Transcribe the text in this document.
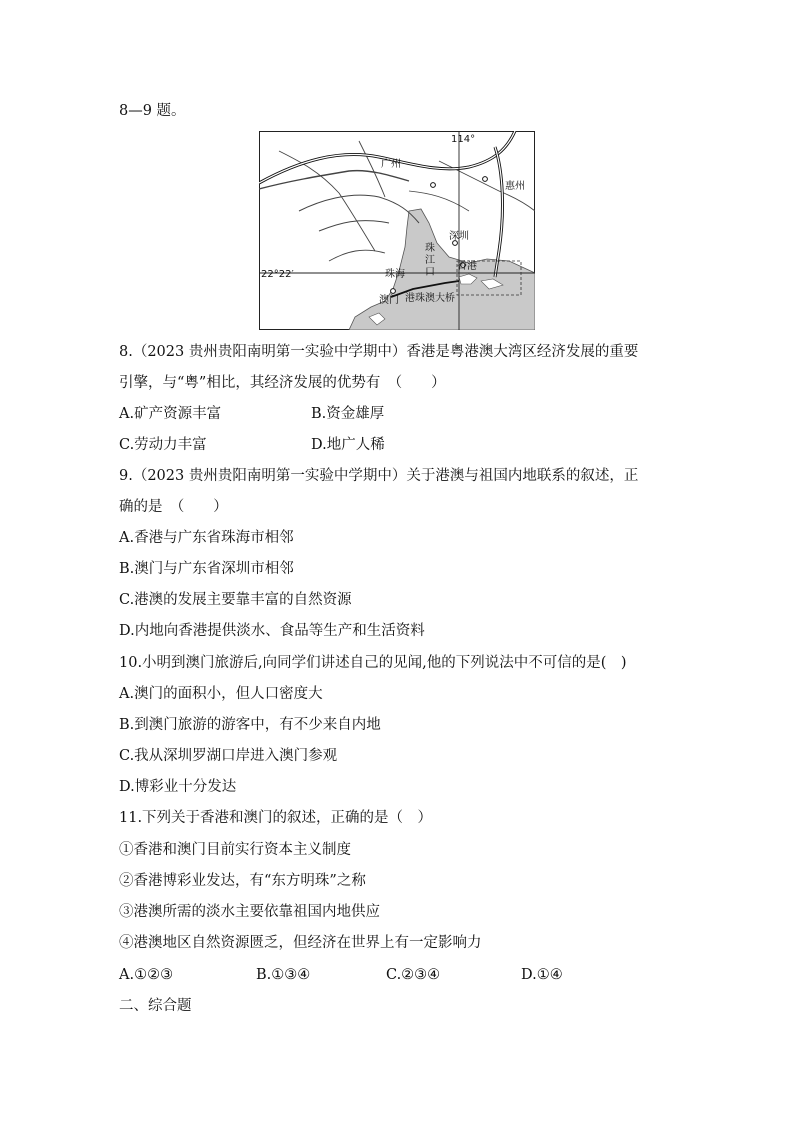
8—9 题。
114°
22°22′
广州
惠州
深圳
珠
江
口
香港
珠海
澳门 港珠澳大桥
8.（2023 贵州贵阳南明第一实验中学期中）香港是粤港澳大湾区经济发展的重要
引擎，与“粤”相比，其经济发展的优势有　（　　）
A.矿产资源丰富	B.资金雄厚
C.劳动力丰富	D.地广人稀
9.（2023 贵州贵阳南明第一实验中学期中）关于港澳与祖国内地联系的叙述，正
确的是　（　　）
A.香港与广东省珠海市相邻
B.澳门与广东省深圳市相邻
C.港澳的发展主要靠丰富的自然资源
D.内地向香港提供淡水、食品等生产和生活资料
10.小明到澳门旅游后,向同学们讲述自己的见闻,他的下列说法中不可信的是(　)
A.澳门的面积小，但人口密度大
B.到澳门旅游的游客中，有不少来自内地
C.我从深圳罗湖口岸进入澳门参观
D.博彩业十分发达
11.下列关于香港和澳门的叙述，正确的是（　）
①香港和澳门目前实行资本主义制度
②香港博彩业发达，有“东方明珠”之称
③港澳所需的淡水主要依靠祖国内地供应
④港澳地区自然资源匮乏，但经济在世界上有一定影响力
A.①②③	B.①③④	C.②③④	D.①④
二、综合题
